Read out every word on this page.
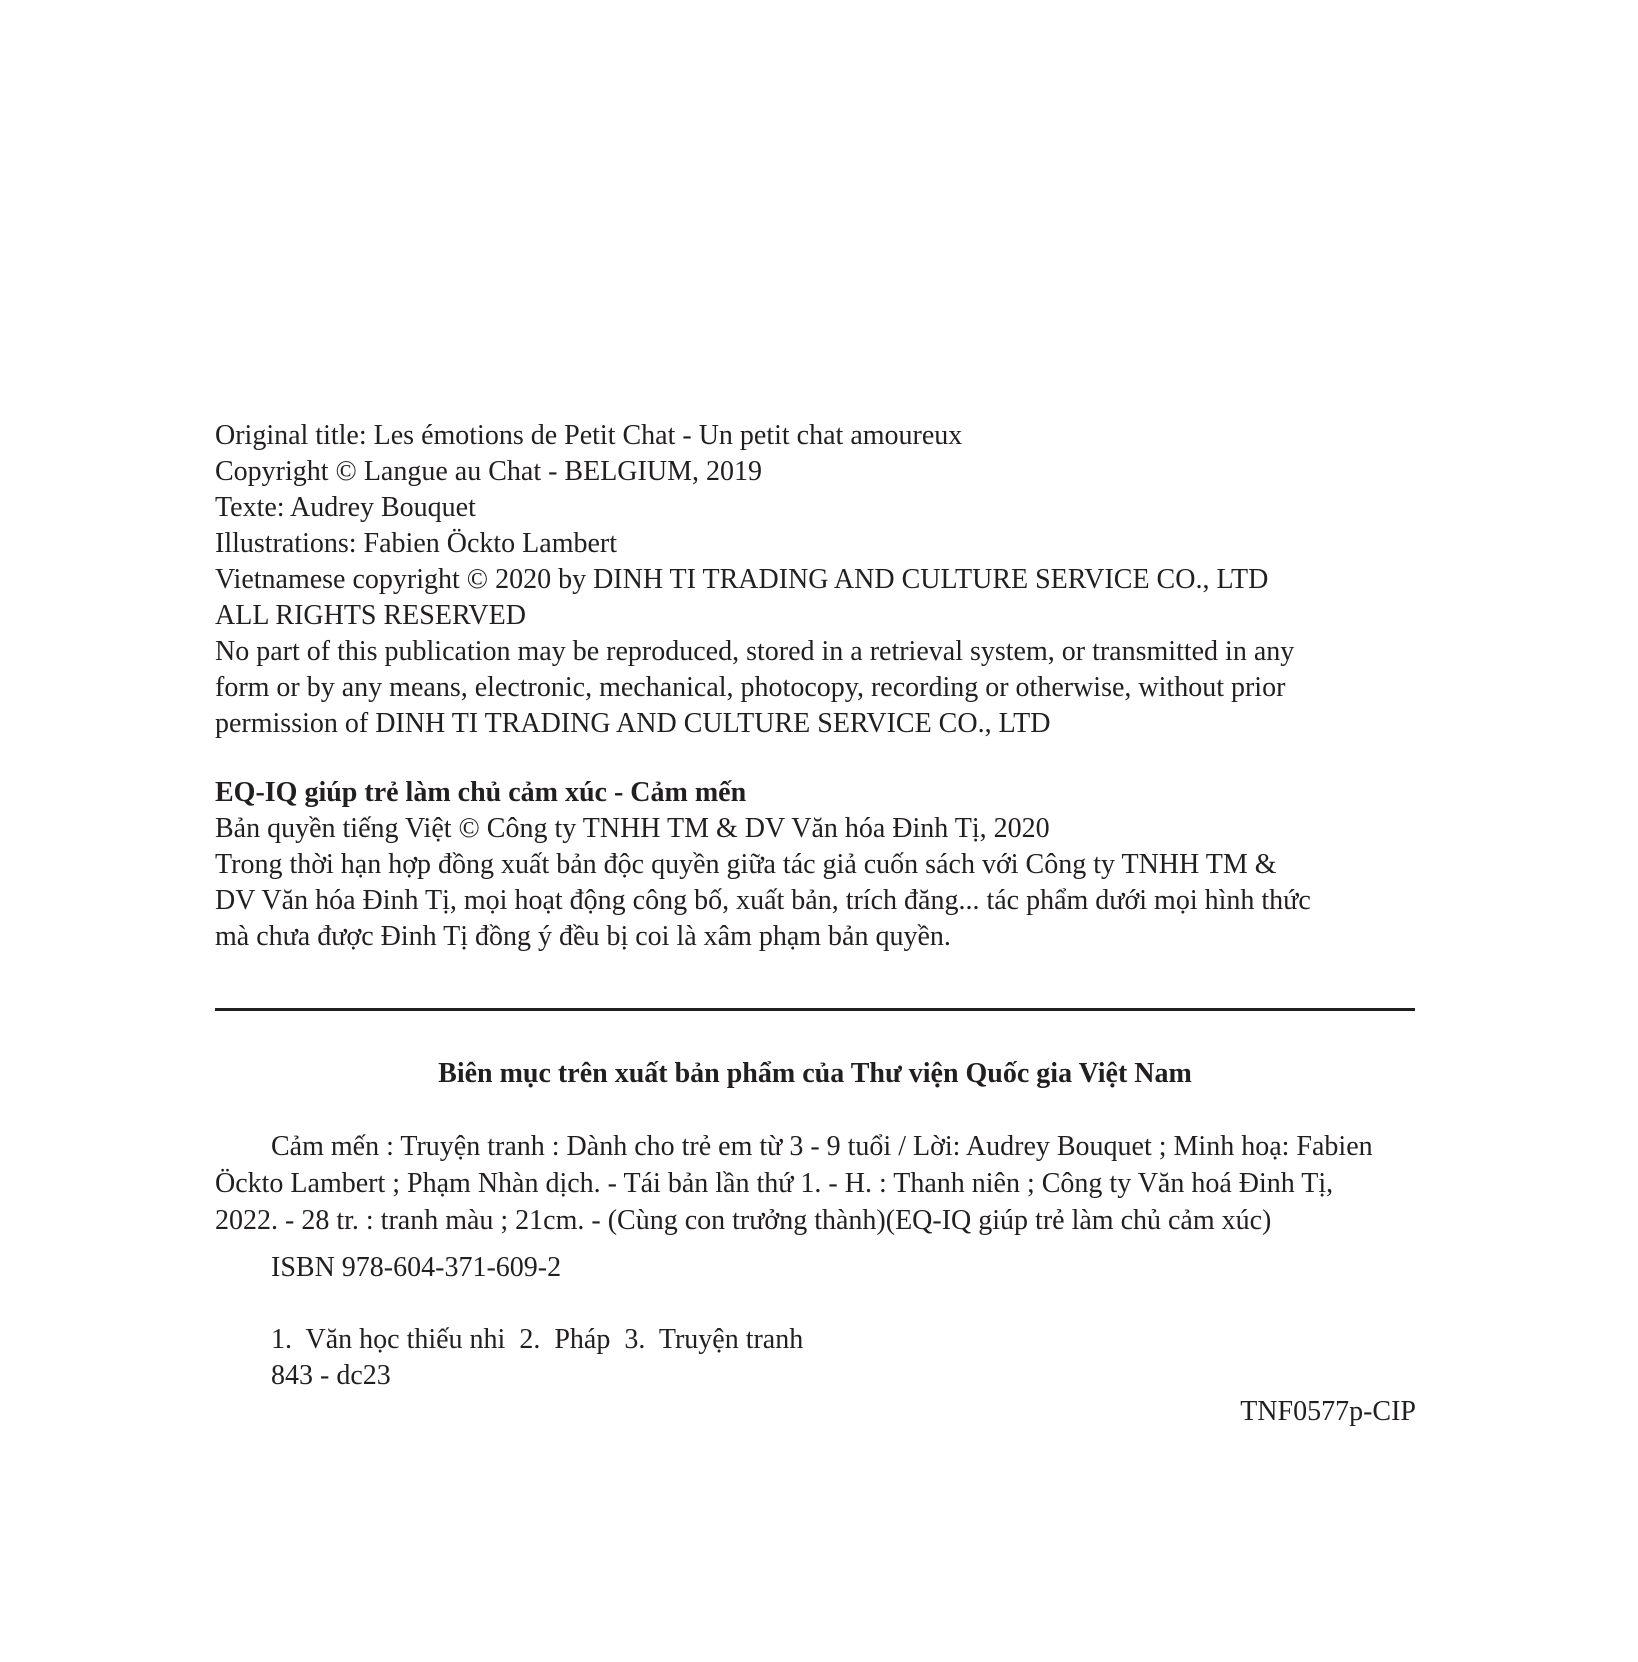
Original title: Les émotions de Petit Chat - Un petit chat amoureux
Copyright © Langue au Chat - BELGIUM, 2019
Texte: Audrey Bouquet
Illustrations: Fabien Öckto Lambert
Vietnamese copyright © 2020 by DINH TI TRADING AND CULTURE SERVICE CO., LTD
ALL RIGHTS RESERVED
No part of this publication may be reproduced, stored in a retrieval system, or transmitted in any
form or by any means, electronic, mechanical, photocopy, recording or otherwise, without prior
permission of DINH TI TRADING AND CULTURE SERVICE CO., LTD
EQ-IQ giúp trẻ làm chủ cảm xúc - Cảm mến
Bản quyền tiếng Việt © Công ty TNHH TM & DV Văn hóa Đinh Tị, 2020
Trong thời hạn hợp đồng xuất bản độc quyền giữa tác giả cuốn sách với Công ty TNHH TM &
DV Văn hóa Đinh Tị, mọi hoạt động công bố, xuất bản, trích đăng... tác phẩm dưới mọi hình thức
mà chưa được Đinh Tị đồng ý đều bị coi là xâm phạm bản quyền.
Biên mục trên xuất bản phẩm của Thư viện Quốc gia Việt Nam
Cảm mến : Truyện tranh : Dành cho trẻ em từ 3 - 9 tuổi / Lời: Audrey Bouquet ; Minh hoạ: Fabien
Öckto Lambert ; Phạm Nhàn dịch. - Tái bản lần thứ 1. - H. : Thanh niên ; Công ty Văn hoá Đinh Tị,
2022. - 28 tr. : tranh màu ; 21cm. - (Cùng con trưởng thành)(EQ-IQ giúp trẻ làm chủ cảm xúc)
ISBN 978-604-371-609-2
1.  Văn học thiếu nhi  2.  Pháp  3.  Truyện tranh
843 - dc23
TNF0577p-CIP
